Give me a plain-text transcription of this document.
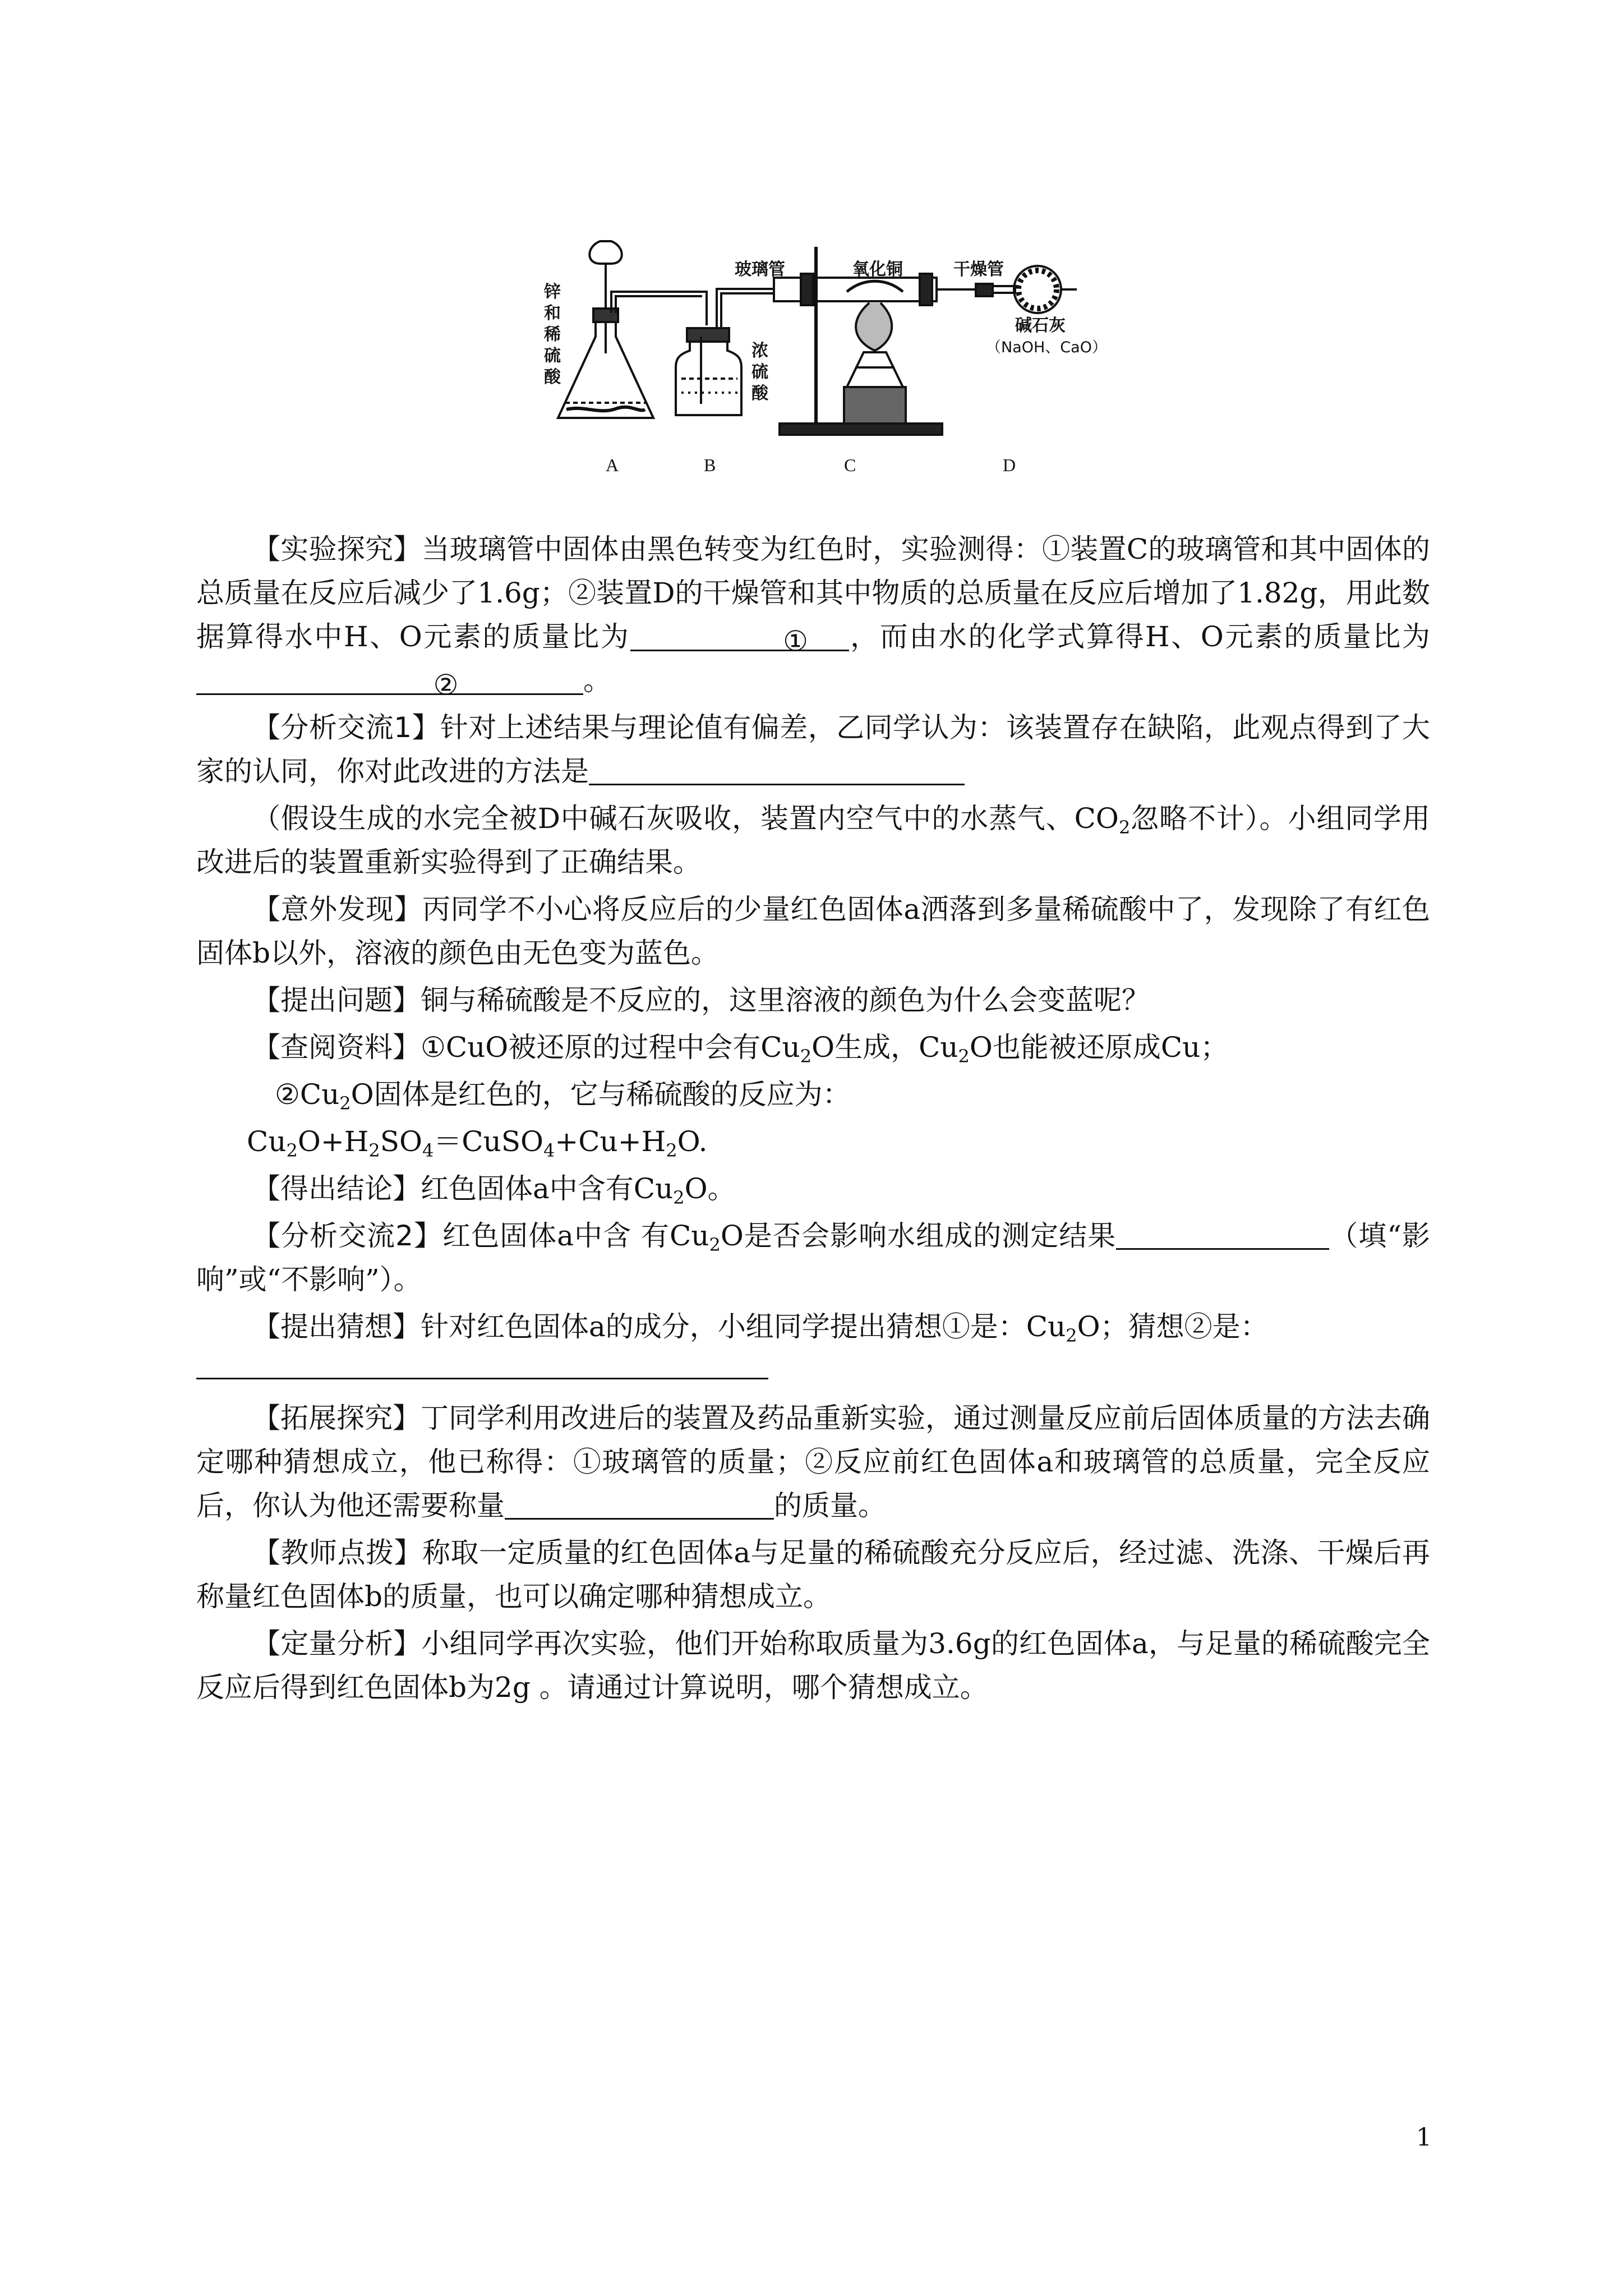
锌
和
稀
硫
酸
浓
硫
酸
玻璃管	氧化铜	干燥管
碱石灰
（NaOH、CaO）
A	B	C	D

【实验探究】当玻璃管中固体由黑色转变为红色时，实验测得：①装置C的玻璃管和其中固体的总质量在反应后减少了1.6g；②装置D的干燥管和其中物质的总质量在反应后增加了1.82g，用此数据算得水中H、O元素的质量比为	① ，而由水的化学式算得H、O元素的质量比为②	。

【分析交流1】针对上述结果与理论值有偏差，乙同学认为：该装置存在缺陷，此观点得到了大家的认同，你对此改进的方法是

（假设生成的水完全被D中碱石灰吸收，装置内空气中的水蒸气、$CO_2$忽略不计）。小组同学用改进后的装置重新实验得到了正确结果。

【意外发现】丙同学不小心将反应后的少量红色固体a洒落到多量稀硫酸中了，发现除了有红色固体b以外，溶液的颜色由无色变为蓝色。

【提出问题】铜与稀硫酸是不反应的，这里溶液的颜色为什么会变蓝呢？

【查阅资料】①CuO被还原的过程中会有$Cu_2O$生成，$Cu_2O$也能被还原成Cu；

$②Cu_2O$固体是红色的，它与稀硫酸的反应为：

$Cu_2O+H_2SO_4=CuSO_4+Cu+H_2O$.

【得出结论】红色固体a中含有$Cu_2O$。

【分析交流2】红色固体a中含 有$Cu_2O$是否会影响水组成的测定结果	（填“影响”或“不影响”）。

【提出猜想】针对红色固体a的成分，小组同学提出猜想①是：$Cu_2O$；猜想②是：

【拓展探究】丁同学利用改进后的装置及药品重新实验，通过测量反应前后固体质量的方法去确定哪种猜想成立，他已称得：①玻璃管的质量；②反应前红色固体a和玻璃管的总质量，完全反应后，你认为他还需要称量	的质量。

【教师点拨】称取一定质量的红色固体a与足量的稀硫酸充分反应后，经过滤、洗涤、干燥后再称量红色固体b的质量，也可以确定哪种猜想成立。

【定量分析】小组同学再次实验，他们开始称取质量为3.6g的红色固体a，与足量的稀硫酸完全反应后得到红色固体b为2g 。请通过计算说明，哪个猜想成立。

1
